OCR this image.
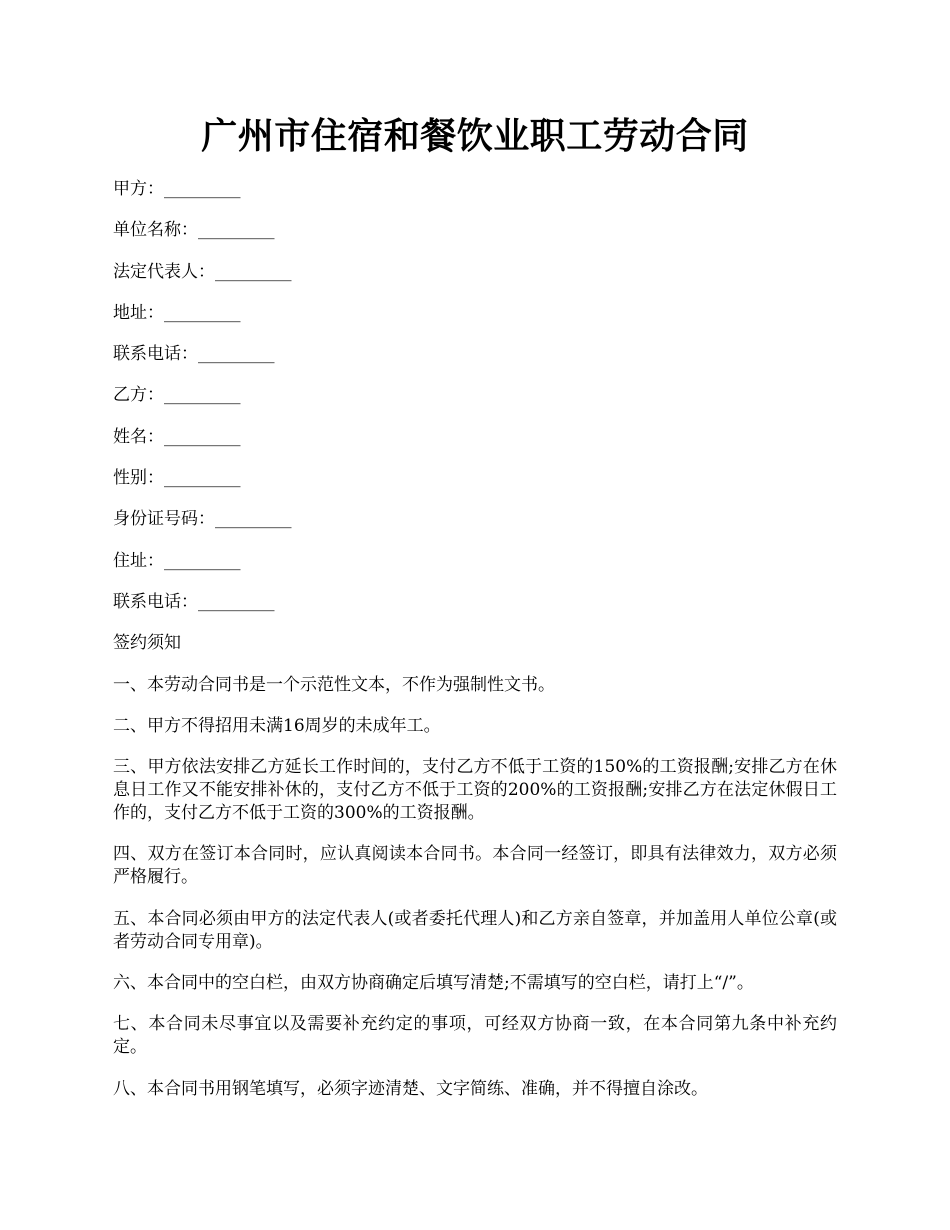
广州市住宿和餐饮业职工劳动合同

甲方：_________

单位名称：_________

法定代表人：_________

地址：_________

联系电话：_________

乙方：_________

姓名：_________

性别：_________

身份证号码：_________

住址：_________

联系电话：_________

签约须知

一、本劳动合同书是一个示范性文本，不作为强制性文书。

二、甲方不得招用未满16周岁的未成年工。

三、甲方依法安排乙方延长工作时间的，支付乙方不低于工资的150%的工资报酬;安排乙方在休息日工作又不能安排补休的，支付乙方不低于工资的200%的工资报酬;安排乙方在法定休假日工作的，支付乙方不低于工资的300%的工资报酬。

四、双方在签订本合同时，应认真阅读本合同书。本合同一经签订，即具有法律效力，双方必须严格履行。

五、本合同必须由甲方的法定代表人(或者委托代理人)和乙方亲自签章，并加盖用人单位公章(或者劳动合同专用章)。

六、本合同中的空白栏，由双方协商确定后填写清楚;不需填写的空白栏，请打上“/”。

七、本合同未尽事宜以及需要补充约定的事项，可经双方协商一致，在本合同第九条中补充约定。

八、本合同书用钢笔填写，必须字迹清楚、文字简练、准确，并不得擅自涂改。
